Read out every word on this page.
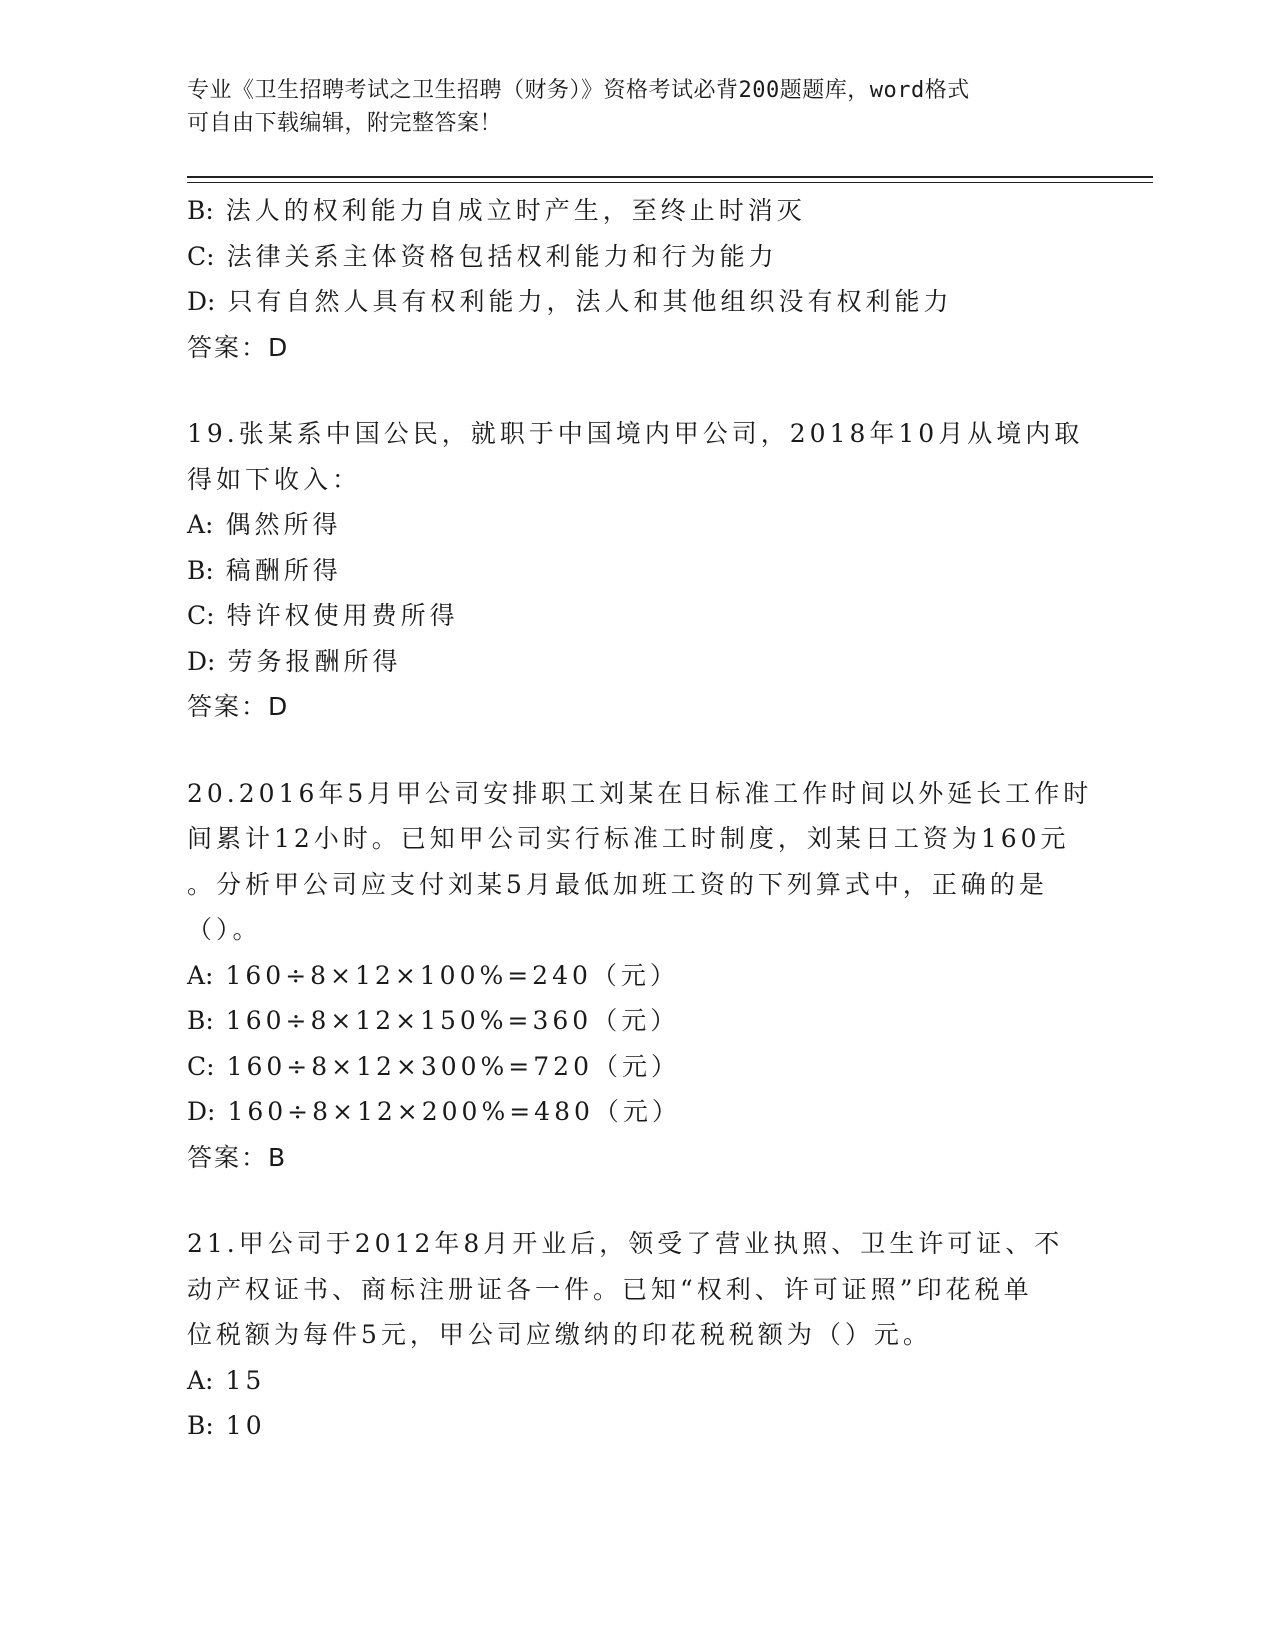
专业《卫生招聘考试之卫生招聘（财务）》资格考试必背200题题库，word格式
可自由下载编辑，附完整答案！
B: 法人的权利能力自成立时产生，至终止时消灭
C: 法律关系主体资格包括权利能力和行为能力
D: 只有自然人具有权利能力，法人和其他组织没有权利能力
答案：D
19.张某系中国公民，就职于中国境内甲公司，2018年10月从境内取
得如下收入：
A: 偶然所得
B: 稿酬所得
C: 特许权使用费所得
D: 劳务报酬所得
答案：D
20.2016年5月甲公司安排职工刘某在日标准工作时间以外延长工作时
间累计12小时。已知甲公司实行标准工时制度，刘某日工资为160元
。分析甲公司应支付刘某5月最低加班工资的下列算式中，正确的是
（）。
A: 160÷8×12×100%=240（元）
B: 160÷8×12×150%=360（元）
C: 160÷8×12×300%=720（元）
D: 160÷8×12×200%=480（元）
答案：B
21.甲公司于2012年8月开业后，领受了营业执照、卫生许可证、不
动产权证书、商标注册证各一件。已知“权利、许可证照”印花税单
位税额为每件5元，甲公司应缴纳的印花税税额为（）元。
A: 15
B: 10
